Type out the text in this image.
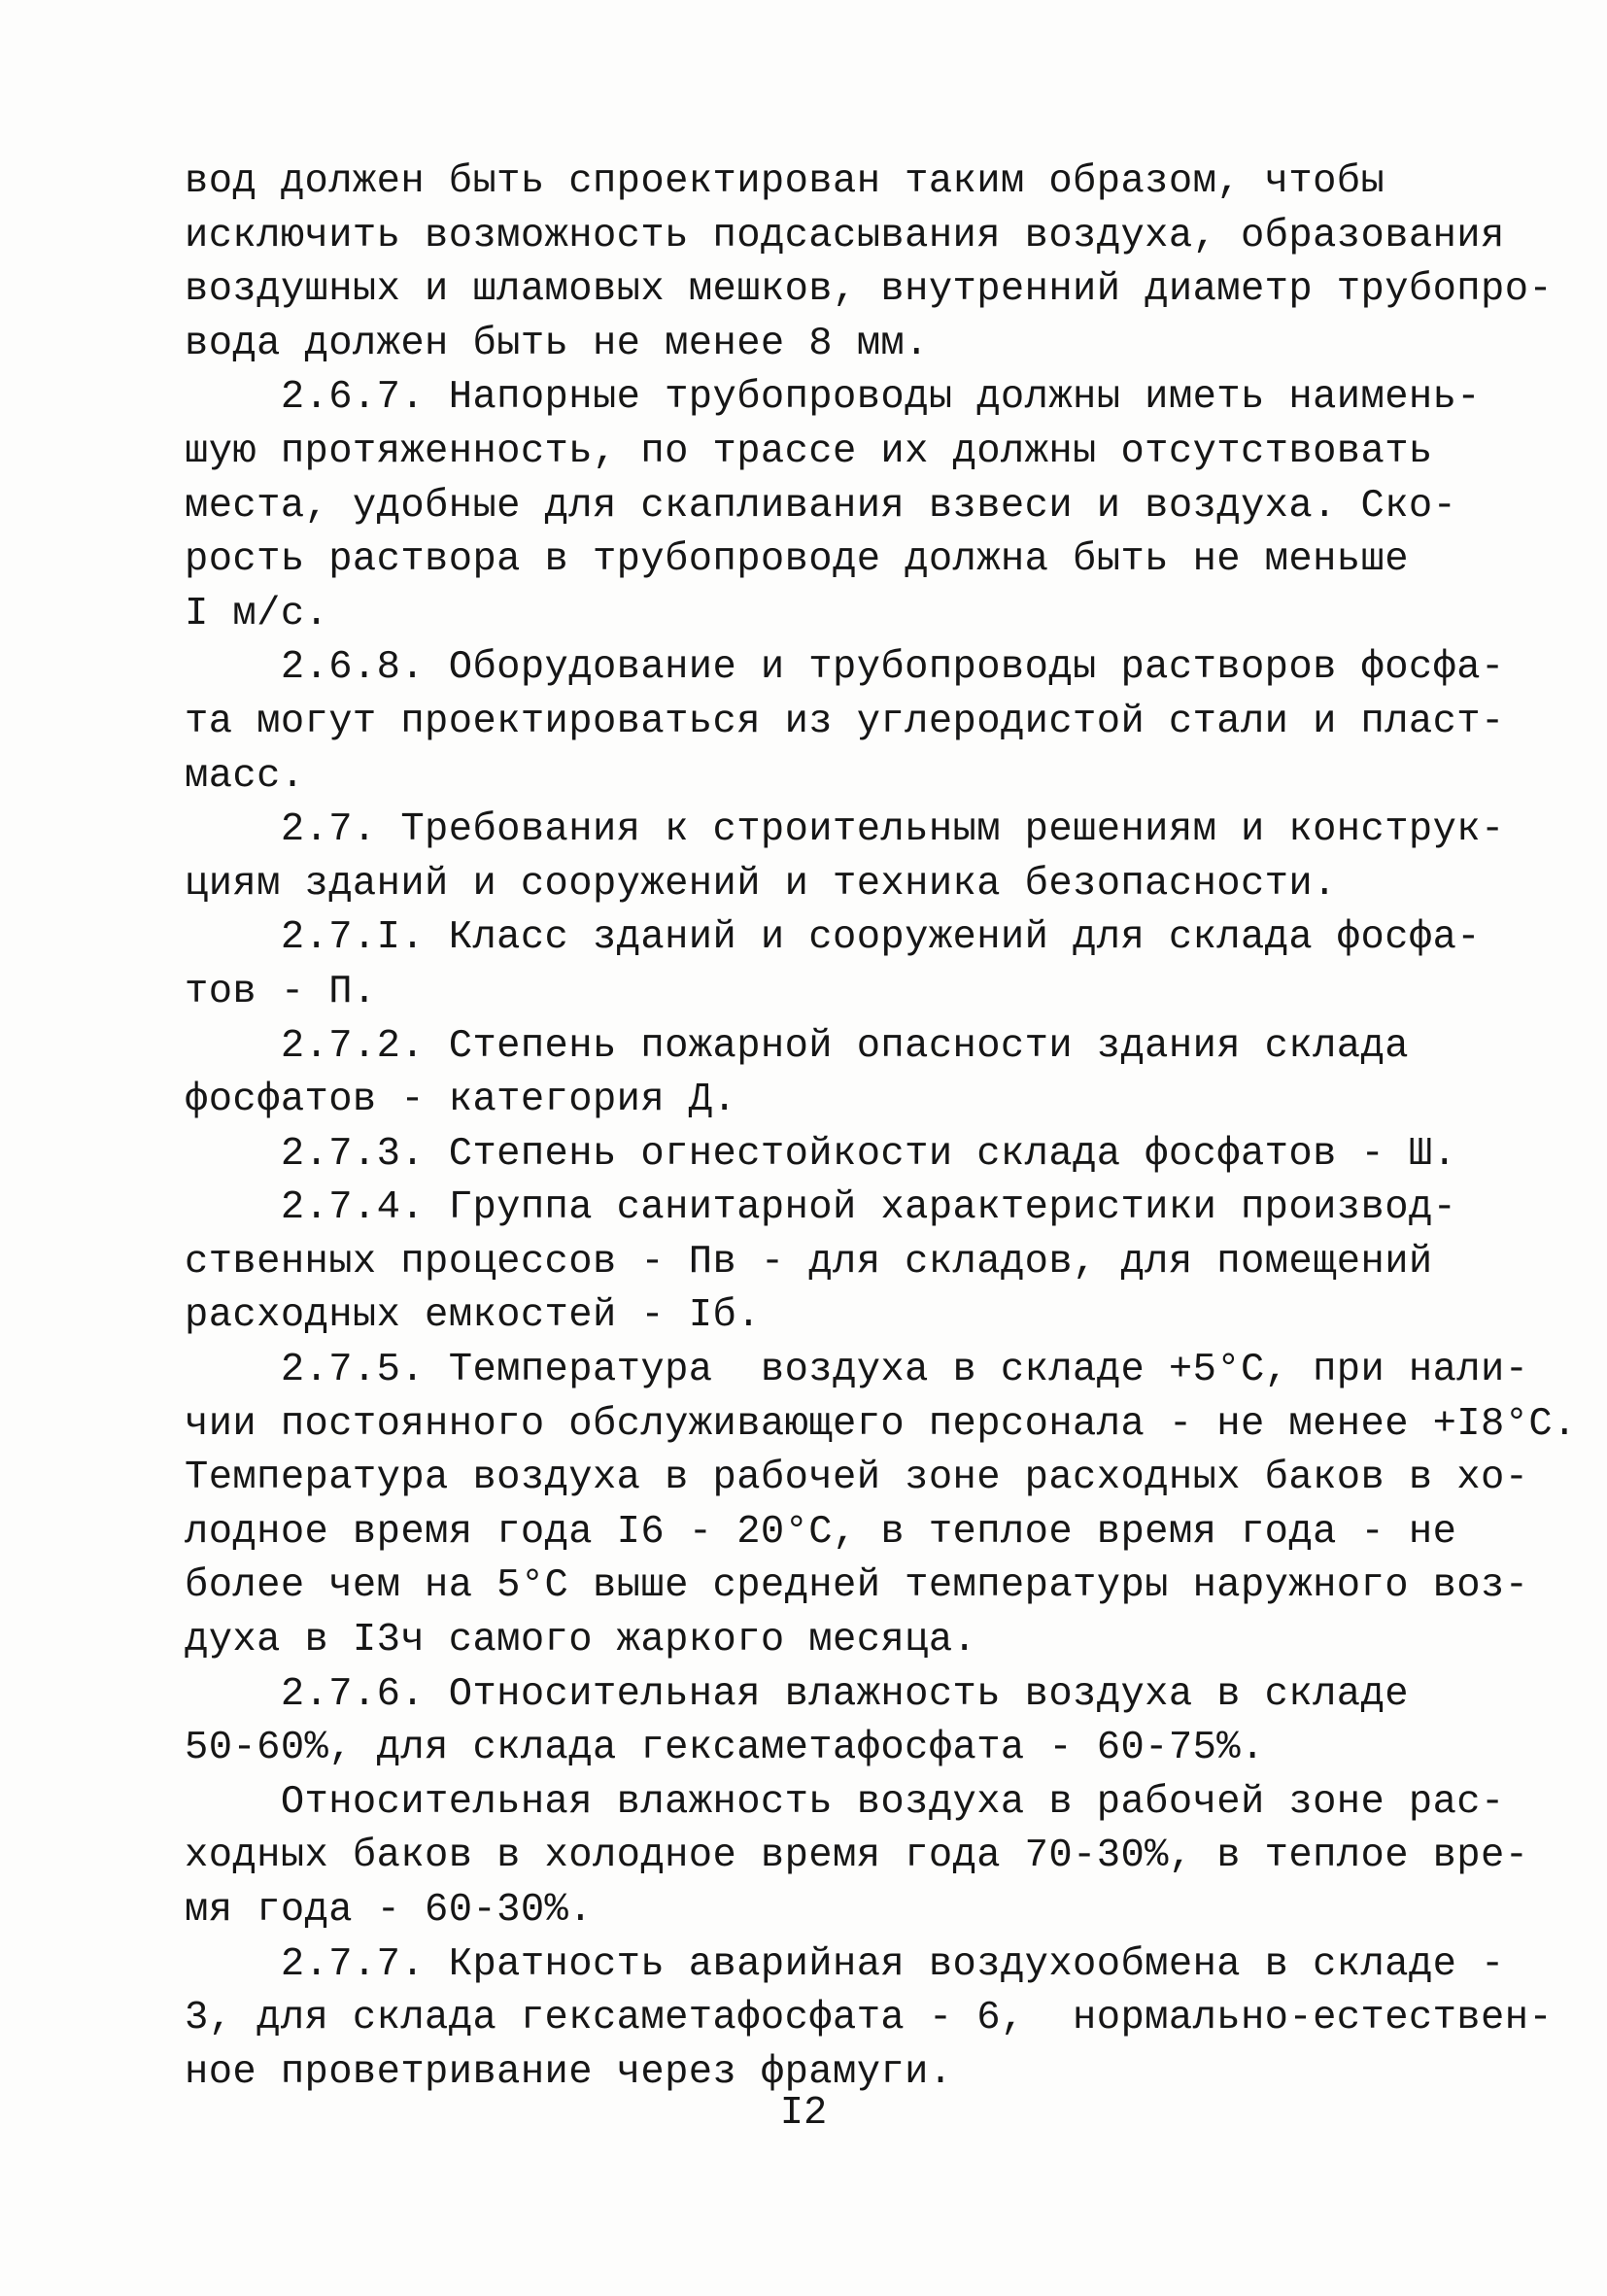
вод должен быть спроектирован таким образом, чтобы
исключить возможность подсасывания воздуха, образования
воздушных и шламовых мешков, внутренний диаметр трубопро-
вода должен быть не менее 8 мм.
2.6.7. Напорные трубопроводы должны иметь наимень-
шую протяженность, по трассе их должны отсутствовать
места, удобные для скапливания взвеси и воздуха. Ско-
рость раствора в трубопроводе должна быть не меньше
I м/с.
2.6.8. Оборудование и трубопроводы растворов фосфа-
та могут проектироваться из углеродистой стали и пласт-
масс.
2.7. Требования к строительным решениям и конструк-
циям зданий и сооружений и техника безопасности.
2.7.I. Класс зданий и сооружений для склада фосфа-
тов - П.
2.7.2. Степень пожарной опасности здания склада
фосфатов - категория Д.
2.7.3. Степень огнестойкости склада фосфатов - Ш.
2.7.4. Группа санитарной характеристики производ-
ственных процессов - Пв - для складов, для помещений
расходных емкостей - Iб.
2.7.5. Температура  воздуха в складе +5°С, при нали-
чии постоянного обслуживающего персонала - не менее +I8°С.
Температура воздуха в рабочей зоне расходных баков в хо-
лодное время года I6 - 20°С, в теплое время года - не
более чем на 5°С выше средней температуры наружного воз-
духа в I3ч самого жаркого месяца.
2.7.6. Относительная влажность воздуха в складе
50-60%, для склада гексаметафосфата - 60-75%.
Относительная влажность воздуха в рабочей зоне рас-
ходных баков в холодное время года 70-30%, в теплое вре-
мя года - 60-30%.
2.7.7. Кратность аварийная воздухообмена в складе -
3, для склада гексаметафосфата - 6,  нормально-естествен-
ное проветривание через фрамуги.
I2
